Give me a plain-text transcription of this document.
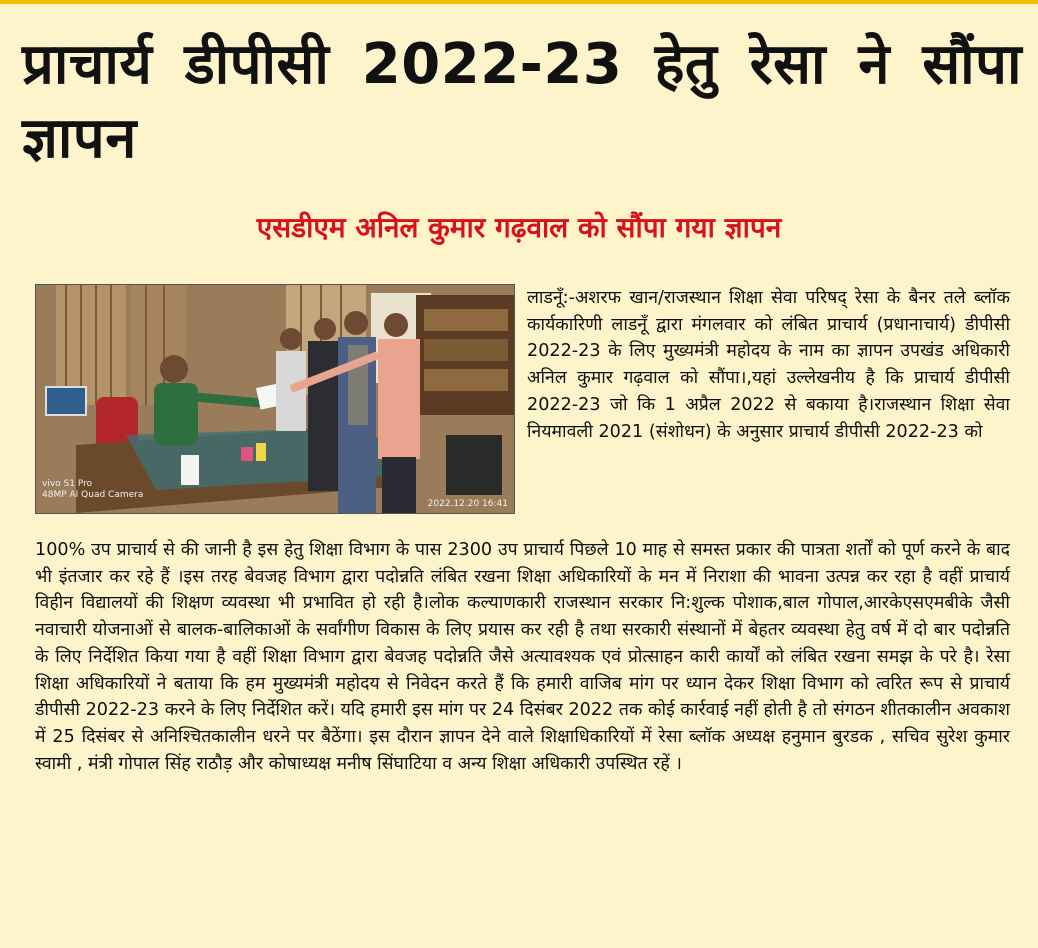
प्राचार्य डीपीसी 2022-23 हेतु रेसा ने सौंपा ज्ञापन
एसडीएम अनिल कुमार गढ़वाल को सौंपा गया ज्ञापन
vivo S1 Pro
48MP AI Quad Camera
2022.12.20 16:41
लाडनूँ:-अशरफ खान/राजस्थान शिक्षा सेवा परिषद् रेसा के बैनर तले ब्लॉक कार्यकारिणी लाडनूँ द्वारा मंगलवार को लंबित प्राचार्य (प्रधानाचार्य) डीपीसी 2022-23 के लिए मुख्यमंत्री महोदय के नाम का ज्ञापन उपखंड अधिकारी अनिल कुमार गढ़वाल को सौंपा।,यहां उल्लेखनीय है कि प्राचार्य डीपीसी 2022-23 जो कि 1 अप्रैल 2022 से बकाया है।राजस्थान शिक्षा सेवा नियमावली 2021 (संशोधन) के अनुसार प्राचार्य डीपीसी 2022-23 को
100% उप प्राचार्य से की जानी है इस हेतु शिक्षा विभाग के पास 2300 उप प्राचार्य पिछले 10 माह से समस्त प्रकार की पात्रता शर्तों को पूर्ण करने के बाद भी इंतजार कर रहे हैं ।इस तरह बेवजह विभाग द्वारा पदोन्नति लंबित रखना शिक्षा अधिकारियों के मन में निराशा की भावना उत्पन्न कर रहा है वहीं प्राचार्य विहीन विद्यालयों की शिक्षण व्यवस्था भी प्रभावित हो रही है।लोक कल्याणकारी राजस्थान सरकार नि:शुल्क पोशाक,बाल गोपाल,आरकेएसएमबीके जैसी नवाचारी योजनाओं से बालक-बालिकाओं के सर्वांगीण विकास के लिए प्रयास कर रही है तथा सरकारी संस्थानों में बेहतर व्यवस्था हेतु वर्ष में दो बार पदोन्नति के लिए निर्देशित किया गया है वहीं शिक्षा विभाग द्वारा बेवजह पदोन्नति जैसे अत्यावश्यक एवं प्रोत्साहन कारी कार्यों को लंबित रखना समझ के परे है। रेसा शिक्षा अधिकारियों ने बताया कि हम मुख्यमंत्री महोदय से निवेदन करते हैं कि हमारी वाजिब मांग पर ध्यान देकर शिक्षा विभाग को त्वरित रूप से प्राचार्य डीपीसी 2022-23 करने के लिए निर्देशित करें। यदि हमारी इस मांग पर 24 दिसंबर 2022 तक कोई कार्रवाई नहीं होती है तो संगठन शीतकालीन अवकाश में 25 दिसंबर से अनिश्चितकालीन धरने पर बैठेंगा। इस दौरान ज्ञापन देने वाले शिक्षाधिकारियों में रेसा ब्लॉक अध्यक्ष हनुमान बुरडक , सचिव सुरेश कुमार स्वामी , मंत्री गोपाल सिंह राठौड़ और कोषाध्यक्ष मनीष सिंघाटिया व अन्य शिक्षा अधिकारी उपस्थित रहें ।
